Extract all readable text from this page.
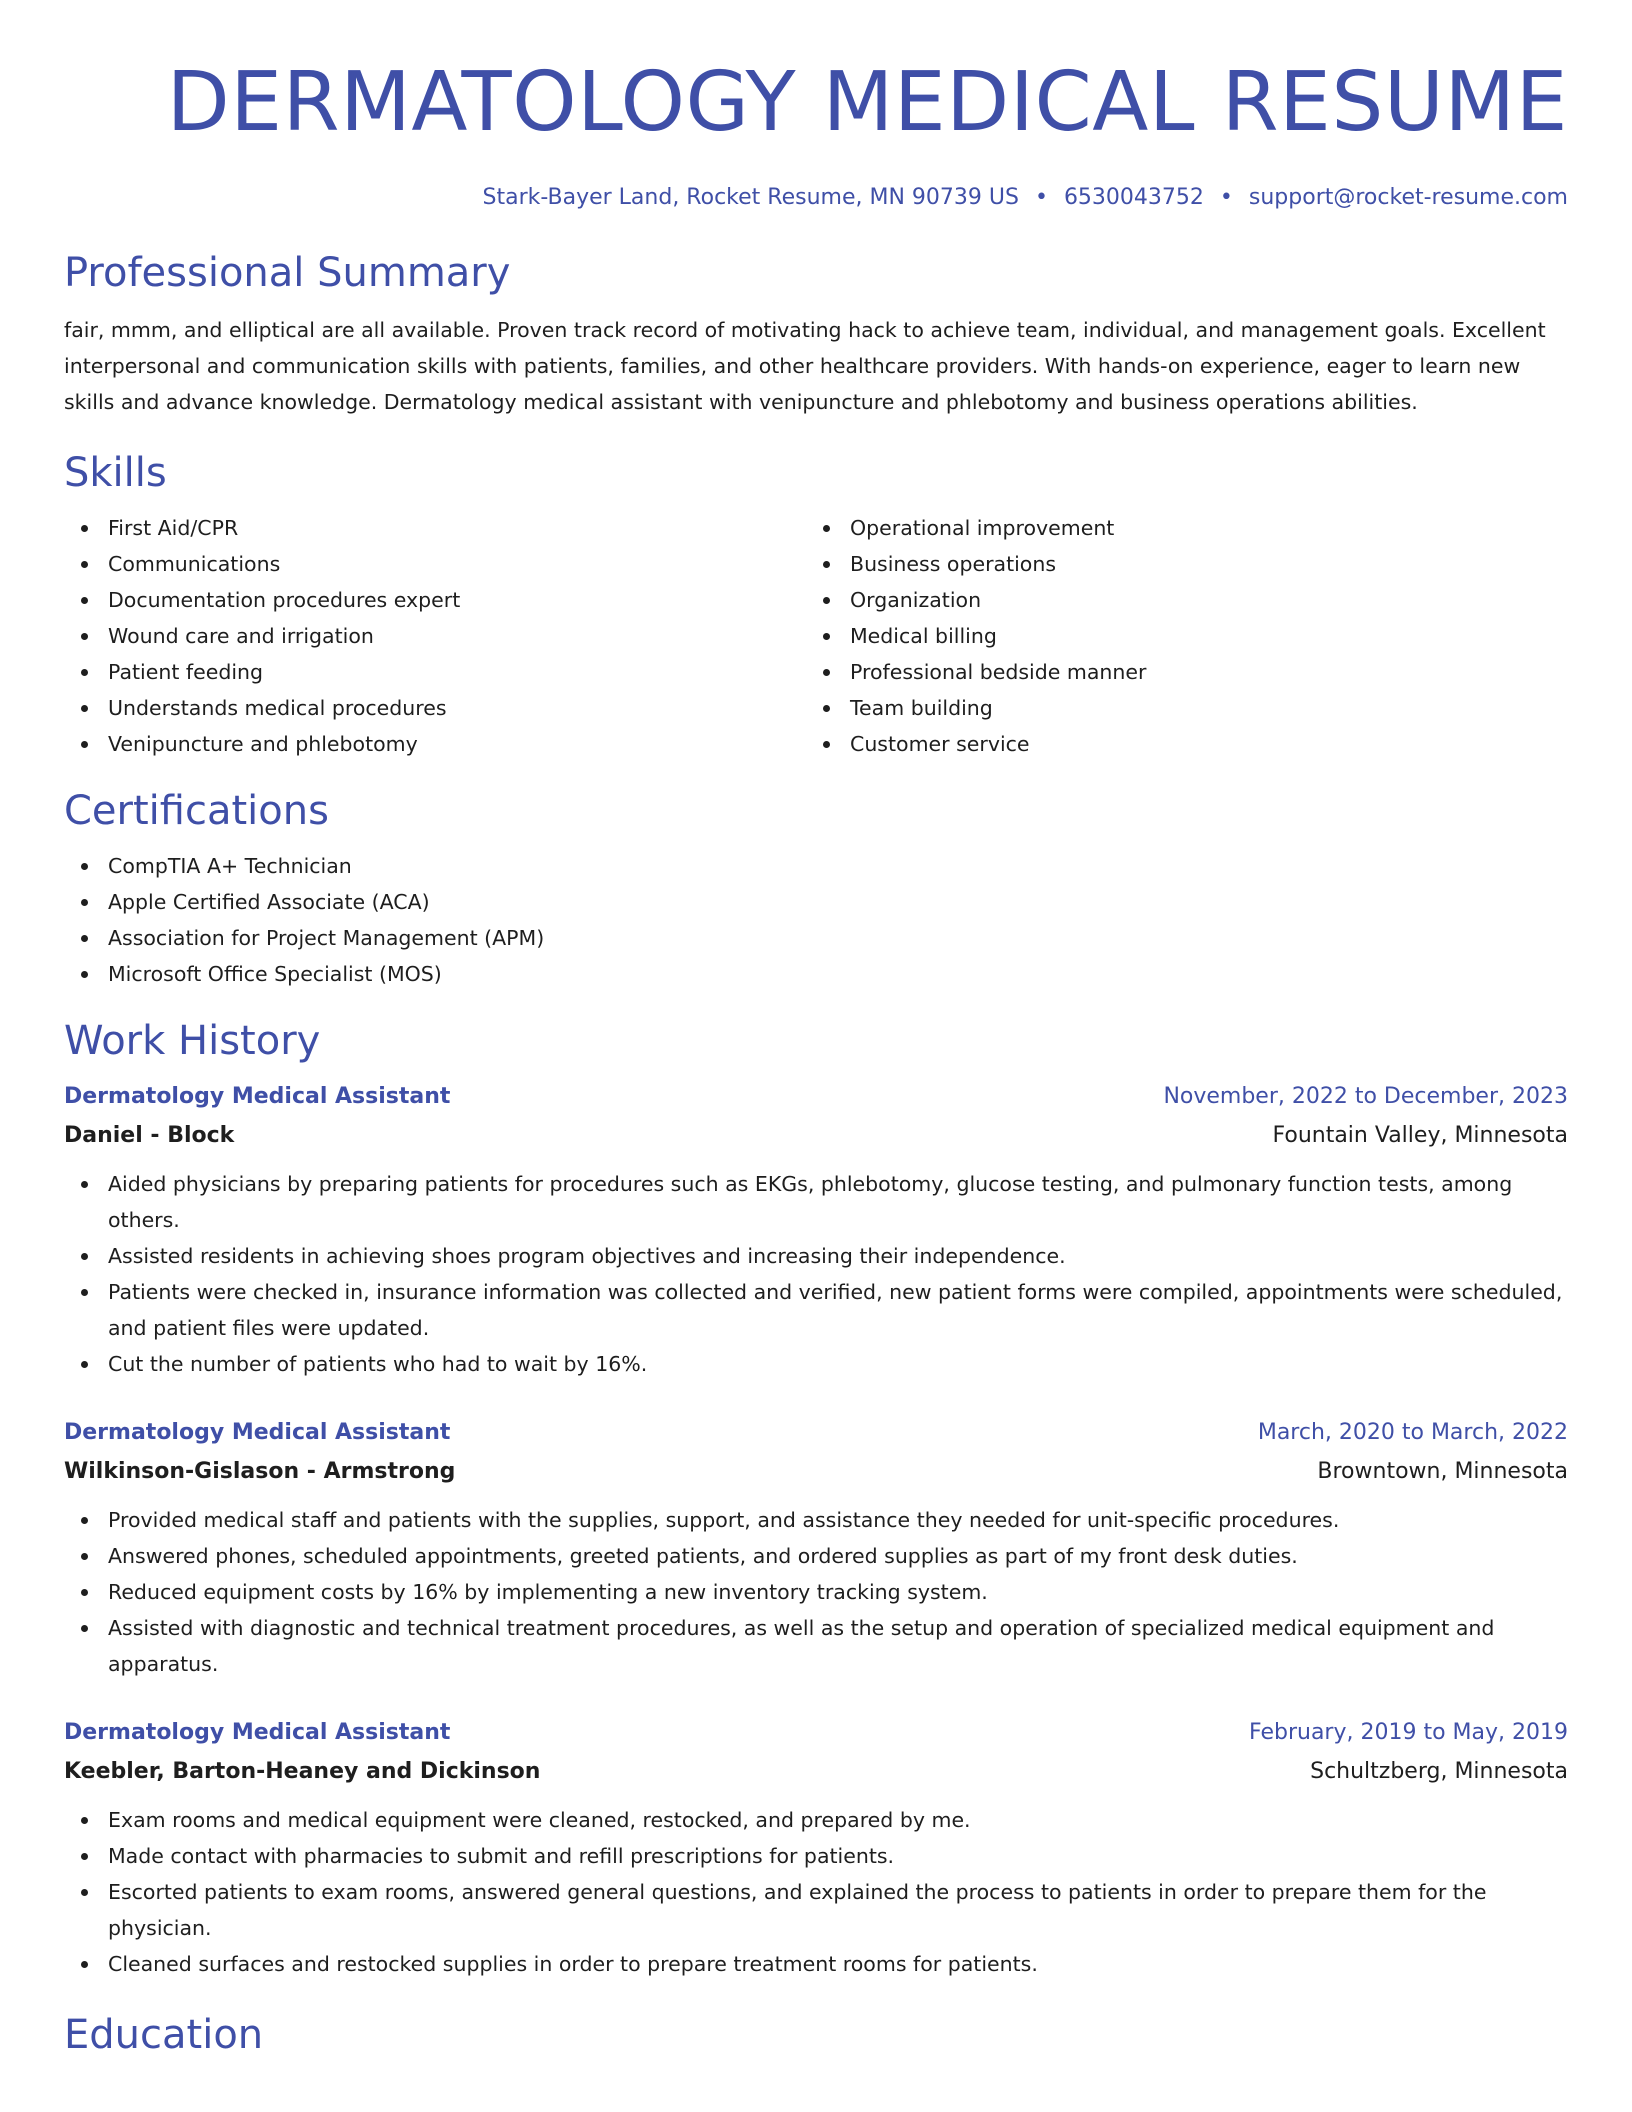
DERMATOLOGY MEDICAL RESUME
Stark-Bayer Land, Rocket Resume, MN 90739 US • 6530043752 • support@rocket-resume.com
Professional Summary
fair, mmm, and elliptical are all available. Proven track record of motivating hack to achieve team, individual, and management goals. Excellent interpersonal and communication skills with patients, families, and other healthcare providers. With hands-on experience, eager to learn new skills and advance knowledge. Dermatology medical assistant with venipuncture and phlebotomy and business operations abilities.
Skills
First Aid/CPR
Communications
Documentation procedures expert
Wound care and irrigation
Patient feeding
Understands medical procedures
Venipuncture and phlebotomy
Operational improvement
Business operations
Organization
Medical billing
Professional bedside manner
Team building
Customer service
Certifications
CompTIA A+ Technician
Apple Certified Associate (ACA)
Association for Project Management (APM)
Microsoft Office Specialist (MOS)
Work History
Dermatology Medical Assistant	November, 2022 to December, 2023
Daniel - Block	Fountain Valley, Minnesota
Aided physicians by preparing patients for procedures such as EKGs, phlebotomy, glucose testing, and pulmonary function tests, among others.
Assisted residents in achieving shoes program objectives and increasing their independence.
Patients were checked in, insurance information was collected and verified, new patient forms were compiled, appointments were scheduled, and patient files were updated.
Cut the number of patients who had to wait by 16%.
Dermatology Medical Assistant	March, 2020 to March, 2022
Wilkinson-Gislason - Armstrong	Browntown, Minnesota
Provided medical staff and patients with the supplies, support, and assistance they needed for unit-specific procedures.
Answered phones, scheduled appointments, greeted patients, and ordered supplies as part of my front desk duties.
Reduced equipment costs by 16% by implementing a new inventory tracking system.
Assisted with diagnostic and technical treatment procedures, as well as the setup and operation of specialized medical equipment and apparatus.
Dermatology Medical Assistant	February, 2019 to May, 2019
Keebler, Barton-Heaney and Dickinson	Schultzberg, Minnesota
Exam rooms and medical equipment were cleaned, restocked, and prepared by me.
Made contact with pharmacies to submit and refill prescriptions for patients.
Escorted patients to exam rooms, answered general questions, and explained the process to patients in order to prepare them for the physician.
Cleaned surfaces and restocked supplies in order to prepare treatment rooms for patients.
Education
